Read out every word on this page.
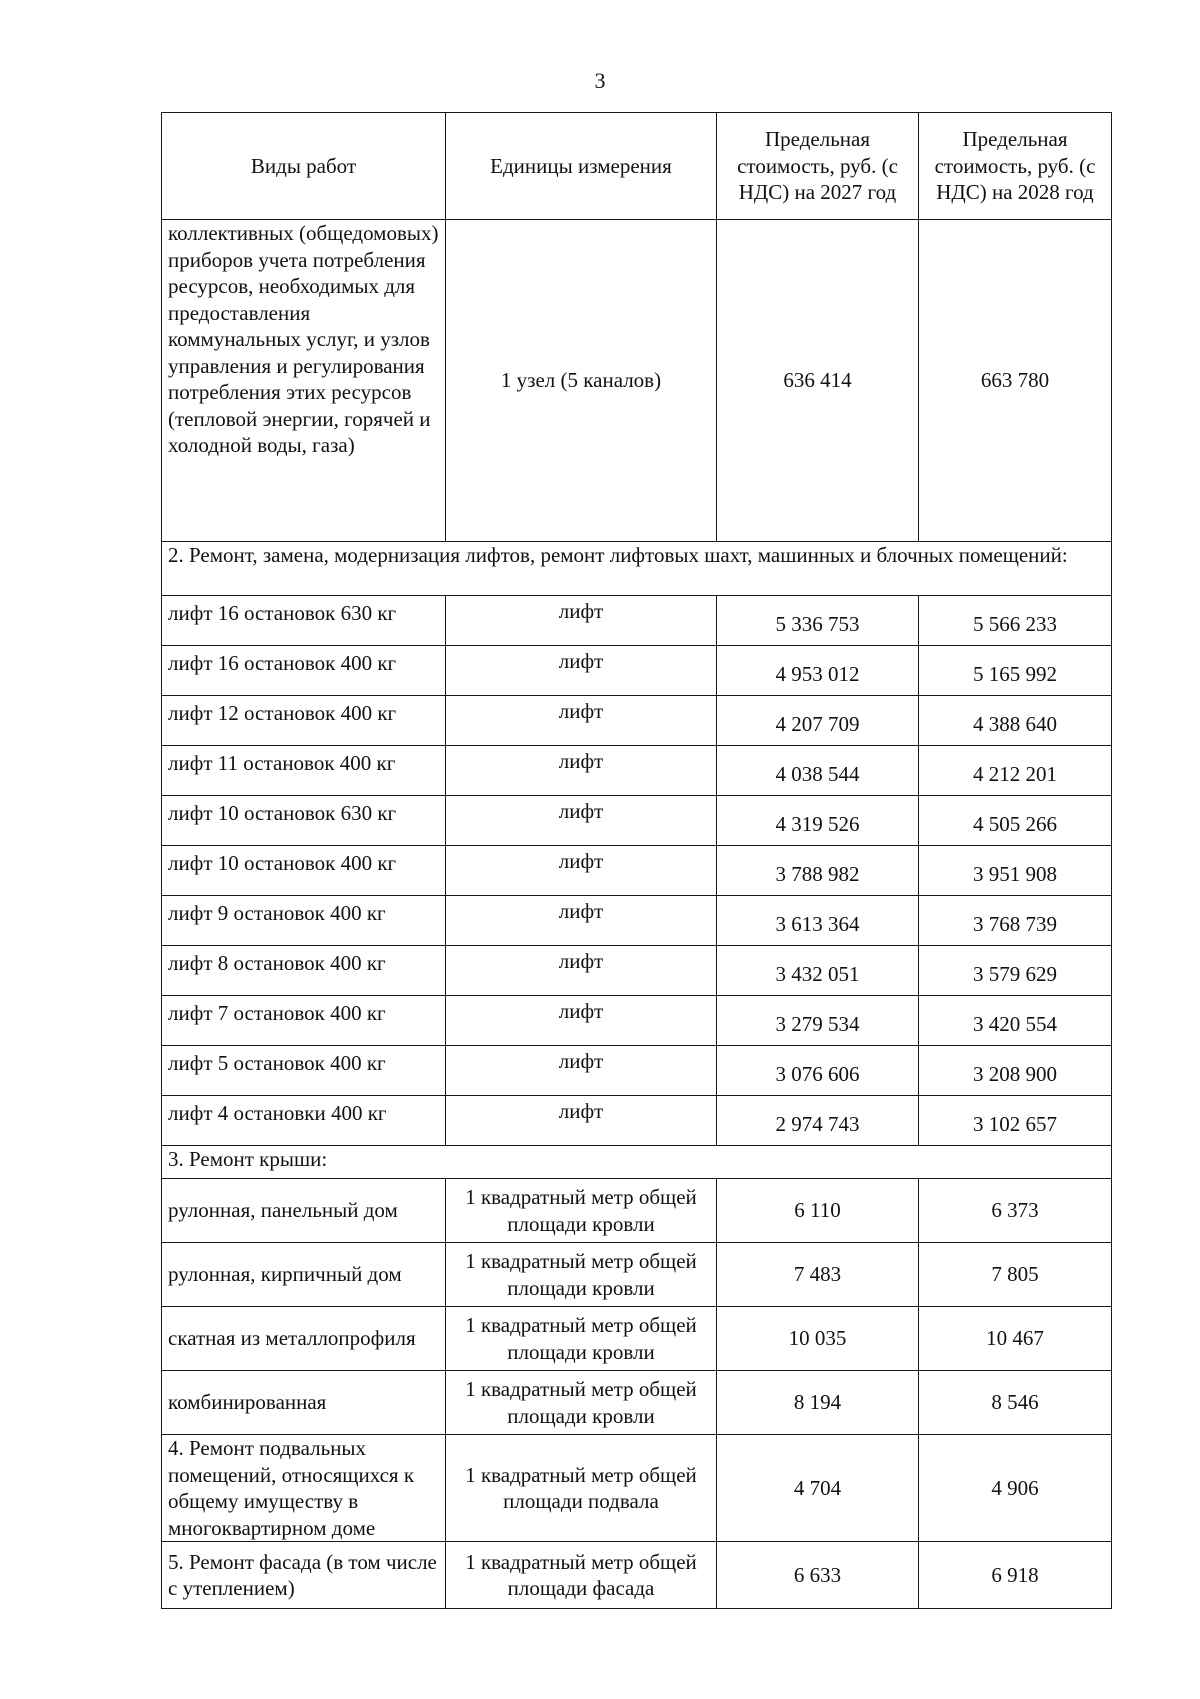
3
Виды работ	Единицы измерения	Предельная стоимость, руб. (с НДС) на 2027 год	Предельная стоимость, руб. (с НДС) на 2028 год
коллективных (общедомовых) приборов учета потребления ресурсов, необходимых для предоставления коммунальных услуг, и узлов управления и регулирования потребления этих ресурсов (тепловой энергии, горячей и холодной воды, газа)	1 узел (5 каналов)	636 414	663 780
2. Ремонт, замена, модернизация лифтов, ремонт лифтовых шахт, машинных и блочных помещений:			
лифт 16 остановок 630 кг	лифт	5 336 753	5 566 233
лифт 16 остановок 400 кг	лифт	4 953 012	5 165 992
лифт 12 остановок 400 кг	лифт	4 207 709	4 388 640
лифт 11 остановок 400 кг	лифт	4 038 544	4 212 201
лифт 10 остановок 630 кг	лифт	4 319 526	4 505 266
лифт 10 остановок 400 кг	лифт	3 788 982	3 951 908
лифт 9 остановок 400 кг	лифт	3 613 364	3 768 739
лифт 8 остановок 400 кг	лифт	3 432 051	3 579 629
лифт 7 остановок 400 кг	лифт	3 279 534	3 420 554
лифт 5 остановок 400 кг	лифт	3 076 606	3 208 900
лифт 4 остановки 400 кг	лифт	2 974 743	3 102 657
3. Ремонт крыши:			
рулонная, панельный дом	1 квадратный метр общей площади кровли	6 110	6 373
рулонная, кирпичный дом	1 квадратный метр общей площади кровли	7 483	7 805
скатная из металлопрофиля	1 квадратный метр общей площади кровли	10 035	10 467
комбинированная	1 квадратный метр общей площади кровли	8 194	8 546
4. Ремонт подвальных помещений, относящихся к общему имуществу в многоквартирном доме	1 квадратный метр общей площади подвала	4 704	4 906
5. Ремонт фасада (в том числе с утеплением)	1 квадратный метр общей площади фасада	6 633	6 918
